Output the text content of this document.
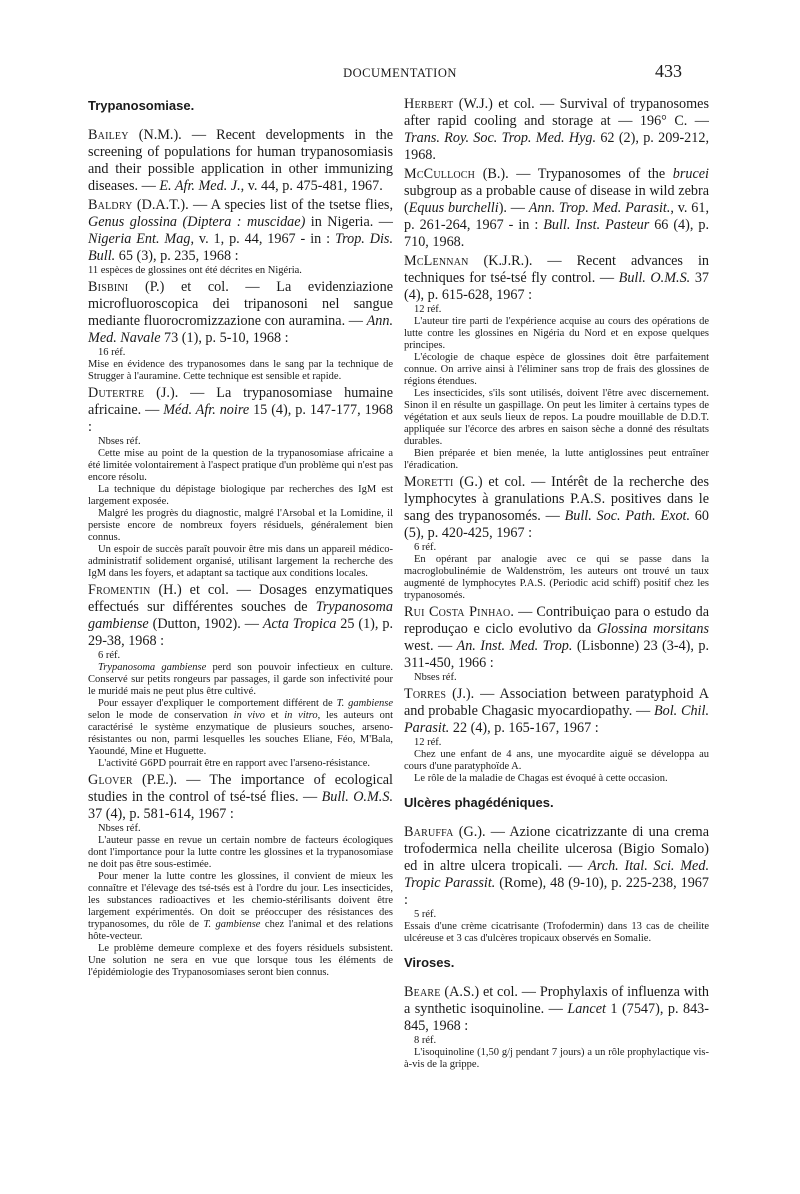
DOCUMENTATION	433
Trypanosomiase.

Bailey (N.M.). — Recent developments in the screening of populations for human trypanosomiasis and their possible application in other immunizing diseases. — E. Afr. Med. J., v. 44, p. 475-481, 1967.

Baldry (D.A.T.). — A species list of the tsetse flies, Genus glossina (Diptera : muscidae) in Nigeria. — Nigeria Ent. Mag, v. 1, p. 44, 1967 - in : Trop. Dis. Bull. 65 (3), p. 235, 1968 :

11 espèces de glossines ont été décrites en Nigéria.

Bisbini (P.) et col. — La evidenziazione microfluoroscopica dei tripanosoni nel sangue mediante fluorocromizzazione con auramina. — Ann. Med. Navale 73 (1), p. 5-10, 1968 :

16 réf.

Mise en évidence des trypanosomes dans le sang par la technique de Strugger à l'auramine. Cette technique est sensible et rapide.

Dutertre (J.). — La trypanosomiase humaine africaine. — Méd. Afr. noire 15 (4), p. 147-177, 1968 :

Nbses réf.

Cette mise au point de la question de la trypanosomiase africaine a été limitée volontairement à l'aspect pratique d'un problème qui n'est pas encore résolu.

La technique du dépistage biologique par recherches des IgM est largement exposée.

Malgré les progrès du diagnostic, malgré l'Arsobal et la Lomidine, il persiste encore de nombreux foyers résiduels, généralement bien connus.

Un espoir de succès paraît pouvoir être mis dans un appareil médico-administratif solidement organisé, utilisant largement la recherche des IgM dans les foyers, et adaptant sa tactique aux conditions locales.

Fromentin (H.) et col. — Dosages enzymatiques effectués sur différentes souches de Trypanosoma gambiense (Dutton, 1902). — Acta Tropica 25 (1), p. 29-38, 1968 :

6 réf.

Trypanosoma gambiense perd son pouvoir infectieux en culture. Conservé sur petits rongeurs par passages, il garde son infectivité pour le muridé mais ne peut plus être cultivé.

Pour essayer d'expliquer le comportement différent de T. gambiense selon le mode de conservation in vivo et in vitro, les auteurs ont caractérisé le système enzymatique de plusieurs souches, arseno-résistantes ou non, parmi lesquelles les souches Eliane, Féo, M'Bala, Yaoundé, Mine et Huguette.

L'activité G6PD pourrait être en rapport avec l'arseno-résistance.

Glover (P.E.). — The importance of ecological studies in the control of tsé-tsé flies. — Bull. O.M.S. 37 (4), p. 581-614, 1967 :

Nbses réf.

L'auteur passe en revue un certain nombre de facteurs écologiques dont l'importance pour la lutte contre les glossines et la trypanosomiase ne doit pas être sous-estimée.

Pour mener la lutte contre les glossines, il convient de mieux les connaître et l'élevage des tsé-tsés est à l'ordre du jour. Les insecticides, les substances radioactives et les chemio-stérilisants doivent être largement expérimentés. On doit se préoccuper des résistances des trypanosomes, du rôle de T. gambiense chez l'animal et des relations hôte-vecteur.

Le problème demeure complexe et des foyers résiduels subsistent. Une solution ne sera en vue que lorsque tous les éléments de l'épidémiologie des Trypanosomiases seront bien connus.

Herbert (W.J.) et col. — Survival of trypanosomes after rapid cooling and storage at — 196° C. — Trans. Roy. Soc. Trop. Med. Hyg. 62 (2), p. 209-212, 1968.

McCulloch (B.). — Trypanosomes of the brucei subgroup as a probable cause of disease in wild zebra (Equus burchelli). — Ann. Trop. Med. Parasit., v. 61, p. 261-264, 1967 - in : Bull. Inst. Pasteur 66 (4), p. 710, 1968.

McLennan (K.J.R.). — Recent advances in techniques for tsé-tsé fly control. — Bull. O.M.S. 37 (4), p. 615-628, 1967 :

12 réf.

L'auteur tire parti de l'expérience acquise au cours des opérations de lutte contre les glossines en Nigéria du Nord et en expose quelques principes.

L'écologie de chaque espèce de glossines doit être parfaitement connue. On arrive ainsi à l'éliminer sans trop de frais des glossines de régions étendues.

Les insecticides, s'ils sont utilisés, doivent l'être avec discernement. Sinon il en résulte un gaspillage. On peut les limiter à certains types de végétation et aux seuls lieux de repos. La poudre mouillable de D.D.T. appliquée sur l'écorce des arbres en saison sèche a donné des résultats durables.

Bien préparée et bien menée, la lutte antiglossines peut entraîner l'éradication.

Moretti (G.) et col. — Intérêt de la recherche des lymphocytes à granulations P.A.S. positives dans le sang des trypanosomés. — Bull. Soc. Path. Exot. 60 (5), p. 420-425, 1967 :

6 réf.

En opérant par analogie avec ce qui se passe dans la macroglobulinémie de Waldenström, les auteurs ont trouvé un taux augmenté de lymphocytes P.A.S. (Periodic acid schiff) positif chez les trypanosomés.

Rui Costa Pinhao. — Contribuiçao para o estudo da reproduçao e ciclo evolutivo da Glossina morsitans west. — An. Inst. Med. Trop. (Lisbonne) 23 (3-4), p. 311-450, 1966 :

Nbses réf.

Torres (J.). — Association between paratyphoid A and probable Chagasic myocardiopathy. — Bol. Chil. Parasit. 22 (4), p. 165-167, 1967 :

12 réf.

Chez une enfant de 4 ans, une myocardite aiguë se développa au cours d'une paratyphoïde A.

Le rôle de la maladie de Chagas est évoqué à cette occasion.

Ulcères phagédéniques.

Baruffa (G.). — Azione cicatrizzante di una crema trofodermica nella cheilite ulcerosa (Bigio Somalo) ed in altre ulcera tropicali. — Arch. Ital. Sci. Med. Tropic Parassit. (Rome), 48 (9-10), p. 225-238, 1967 :

5 réf.

Essais d'une crème cicatrisante (Trofodermin) dans 13 cas de cheilite ulcéreuse et 3 cas d'ulcères tropicaux observés en Somalie.

Viroses.

Beare (A.S.) et col. — Prophylaxis of influenza with a synthetic isoquinoline. — Lancet 1 (7547), p. 843-845, 1968 :

8 réf.

L'isoquinoline (1,50 g/j pendant 7 jours) a un rôle prophylactique vis-à-vis de la grippe.
